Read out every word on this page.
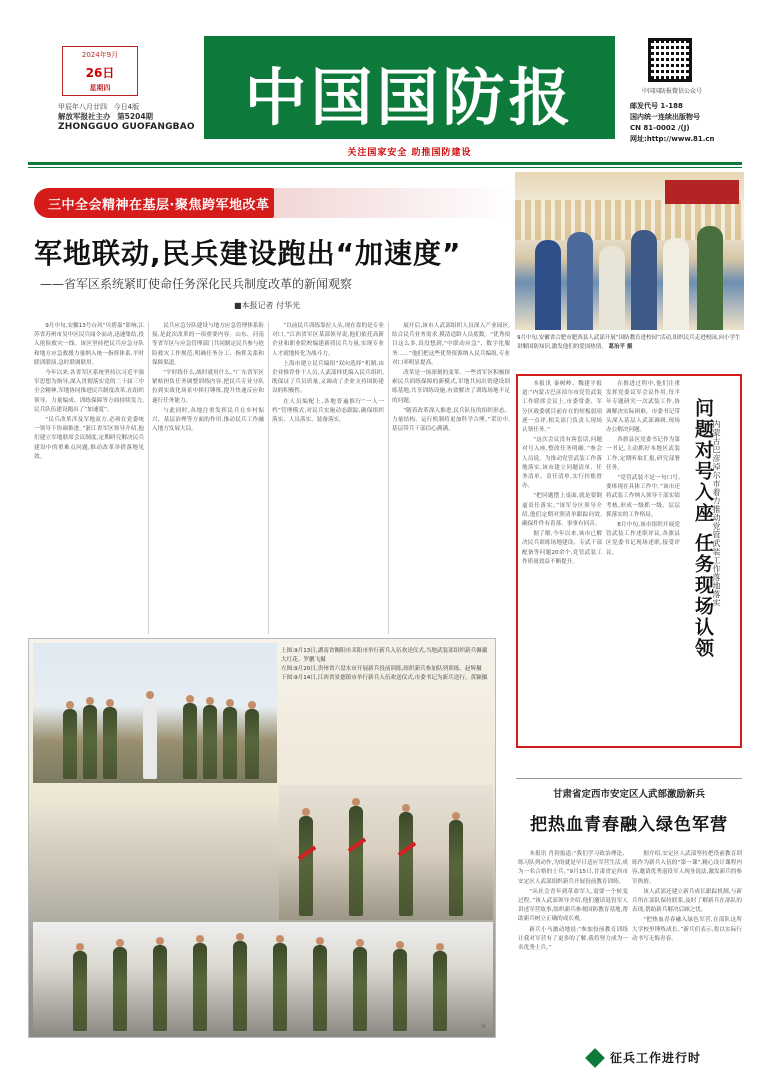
2024年9月
26日
星期四
甲辰年八月廿四 今日4版
解放军报社主办 第5204期
ZHONGGUO GUOFANGBAO 中国国防报
关注国家安全 助推国防建设
中国国防报微信公众号
邮发代号 1-188
国内统一连续出版物号
CN 81-0002 /(J)
网址:http://www.81.cn
三中全会精神在基层·聚焦跨军地改革
军地联动,民兵建设跑出“加速度”
——省军区系统紧盯使命任务深化民兵制度改革的新闻观察
■本报记者 付华光

9月中旬,安徽13号台风“贝碧嘉”影响,江苏省苏州市吴中区民兵闻令而动,迅速集结,投入抢险救灾一线。该区坚持把民兵应急分队和地方应急救援力量纳入统一指挥体系,平时联训联演,急时联调联用。

今年以来,各省军区系统坚持以习近平强军思想为指导,深入贯彻落实党的二十届三中全会精神,军地协同推进民兵制度改革,在组织领导、力量编成、训练保障等方面持续发力,民兵队伍建设跑出了“加速度”。

“民兵改革涉及军地双方,必须在党委统一领导下协调推进。”浙江省军区领导介绍,他们建立军地联席会议制度,定期研究解决民兵建设中的重难点问题,推动改革举措落地见效。

民兵应急分队建设与地方应急管理体系衔接,是此次改革的一项重要内容。山东、河南等省军区与应急管理部门共同制定民兵参与抢险救灾工作规范,明确任务分工、指挥关系和保障渠道。

“平时练什么,战时就用什么。”广东省军区紧贴担负任务调整训练内容,把民兵专业分队拉到实战化场景中摔打锤炼,提升快速反应和遂行任务能力。

与此同时,各地注重发挥民兵在乡村振兴、基层治理等方面的作用,推动民兵工作融入地方发展大局。

“以前民兵训练靠拉人头,现在靠的是专业对口。”江西省军区某部领导说,他们依托高新企业和职业院校编建新质民兵力量,实现专业人才就地转化为战斗力。

上海市建立民兵编组“双向选择”机制,由企业推荐骨干人员,人武部择优编入民兵组织,既保证了兵员质量,又调动了企业支持国防建设的积极性。

在人员编配上,各地普遍推行“一人一档”管理模式,对民兵实施动态跟踪,确保组织落实、人员落实、装备落实。

展开后,该市人武部组织人员深入产业园区,结合民兵业务需求,摸清适龄人员底数。“优秀项目这么多,真没想到,“中联动应急”、数字化服务……”他们把这些优势资源纳入民兵编组,专业对口率明显提高。

改革是一场深刻的变革。一些省军区积极探索民兵训练保障的新模式,军地共同出资建设训练基地,共享训练设施,有效解决了训练场地不足的问题。

“随着改革深入推进,民兵队伍的组织形态、力量结构、运行机制将更加科学合理。”采访中,基层带兵干部信心满满。

9月中旬,安徽省合肥市肥西县人武部开展“国防教育进校园”活动,组织民兵走进校园,向小学生讲解国防知识,激发他们的爱国热情。 葛治平 摄
问题对号入座 任务现场认领
内蒙古巴彦淖尔市着力推动党管武装工作落地落实

本报讯 秦树岭、魏建平报道:“内蒙古巴彦淖尔市党管武装工作联席会议上,市委常委、军分区政委就目前存在的短板弱项逐一点评,相关部门负责人现场认领任务。”

“这次会议没有客套话,问题对号入座,整改任务明确。”参会人员说。为推动党管武装工作落地落实,该市建立问题清单、任务清单、责任清单,实行挂账督办。

“把问题摆上桌面,就是要倒逼责任落实。”该军分区领导介绍,他们定期对照清单跟踪问效,确保件件有着落、事事有回音。

据了解,今年以来,该市已解决民兵训练场地建设、专武干部配备等问题20余个,党管武装工作质量效益不断提升。

在推进过程中,他们注重发挥党委议军会议作用,每半年专题研究一次武装工作,协调解决实际困难。市委书记带头深入基层人武部调研,现场办公解决问题。

各旗县区党委书记作为第一书记,主动抓好本地区武装工作,定期听取汇报,研究部署任务。

“党管武装不是一句口号,要体现在具体工作中。”该市还将武装工作纳入领导干部实绩考核,形成一级抓一级、层层抓落实的工作格局。

8月中旬,该市组织开展党管武装工作述职评议,各旗县区党委书记现场述职,接受评议。

上图:9月13日,湖南省衡阳市耒阳市举行新兵入伍欢送仪式,当地武装部组织新兵佩戴大红花。罗鹏飞摄
左图:9月20日,贵州省六盘水市开展新兵役前训练,组织新兵参加队列训练。赵辉摄
下图:9月14日,江西省景德镇市举行新兵入伍欢送仪式,市委书记为新兵送行。黄颖摄
⑥
甘肃省定西市安定区人武部激励新兵
把热血青春融入绿色军营

本报讯 肖勃报道:“我们学习政治理论、练习队列动作,为的就是早日适应军营生活,成为一名合格的士兵。”9月15日,甘肃省定西市安定区人武部组织新兵开展役前教育训练。

“从社会青年到革命军人,需要一个转变过程。”该人武部领导介绍,他们邀请退役军人讲述军营故事,组织新兵参观国防教育基地,帮助新兵树立正确的成长观。

新兵小马激动地说:“参加役前教育训练让我对军营有了更多的了解,我将努力成为一名优秀士兵。”

据介绍,安定区人武部坚持把役前教育训练作为新兵入伍的“第一课”,精心设计课程内容,邀请优秀退役军人现身说法,激发新兵的参军热情。

该人武部还建立新兵成长跟踪机制,与新兵所在部队保持联系,及时了解新兵在部队的表现,帮助新兵解决后顾之忧。

“把热血青春融入绿色军营,在部队这所大学校里锤炼成长。”新兵们表示,将以实际行动书写无悔青春。

征兵工作进行时
